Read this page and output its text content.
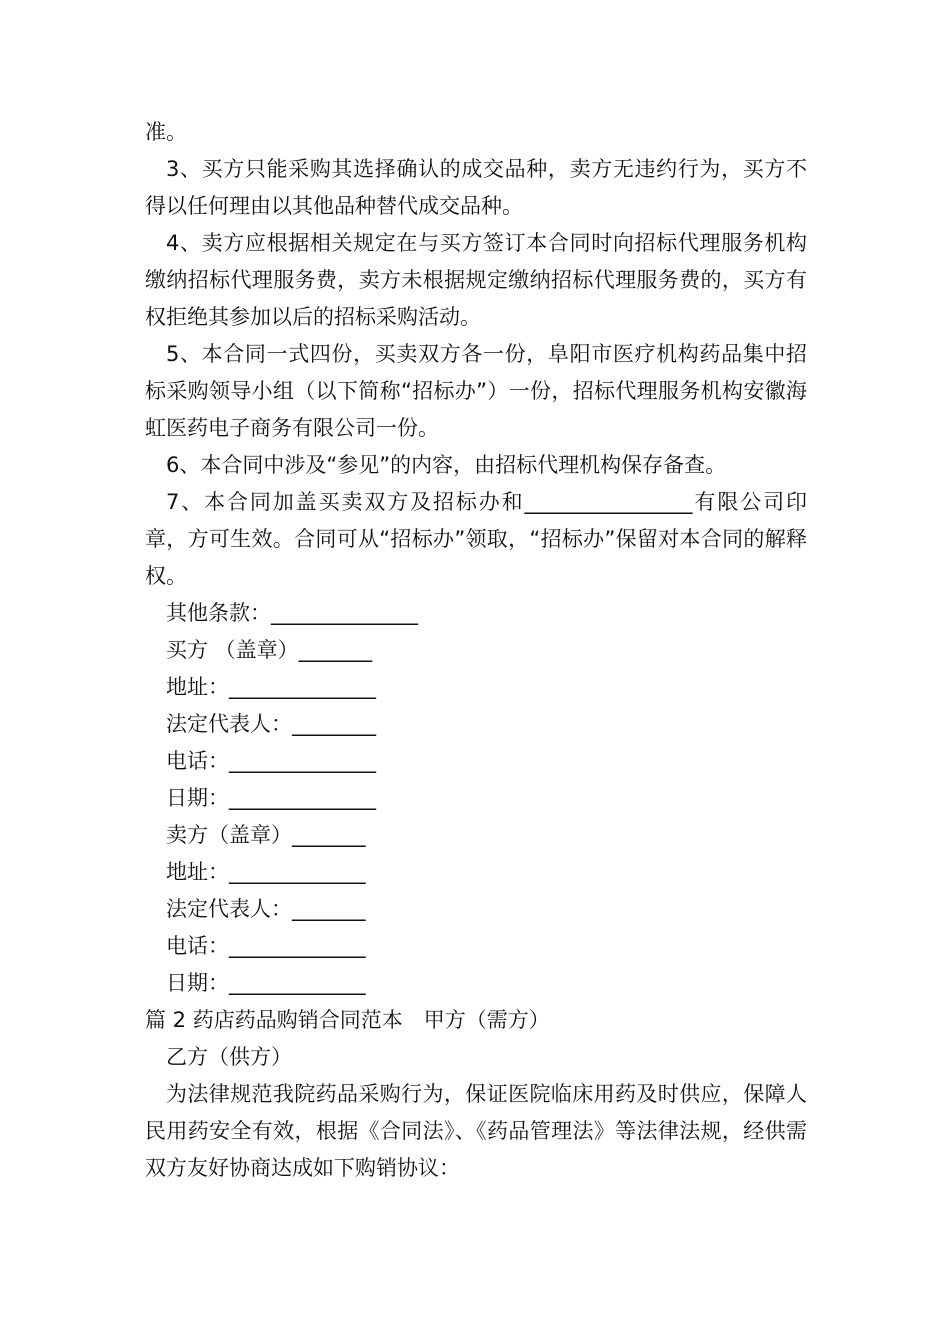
准。

3、买方只能采购其选择确认的成交品种，卖方无违约行为，买方不得以任何理由以其他品种替代成交品种。

4、卖方应根据相关规定在与买方签订本合同时向招标代理服务机构缴纳招标代理服务费，卖方未根据规定缴纳招标代理服务费的，买方有权拒绝其参加以后的招标采购活动。

5、本合同一式四份，买卖双方各一份，阜阳市医疗机构药品集中招标采购领导小组（以下简称“招标办”）一份，招标代理服务机构安徽海虹医药电子商务有限公司一份。

6、本合同中涉及“参见”的内容，由招标代理机构保存备查。

7、本合同加盖买卖双方及招标办和________________有限公司印章，方可生效。合同可从“招标办”领取，“招标办”保留对本合同的解释权。

其他条款：______________

买方 （盖章）_______

地址：______________

法定代表人：________

电话：______________

日期：______________

卖方（盖章）_______

地址：_____________

法定代表人：_______

电话：_____________

日期：_____________

篇 2 药店药品购销合同范本　甲方（需方）

乙方（供方）

为法律规范我院药品采购行为，保证医院临床用药及时供应，保障人民用药安全有效，根据《合同法》、《药品管理法》等法律法规，经供需双方友好协商达成如下购销协议：
